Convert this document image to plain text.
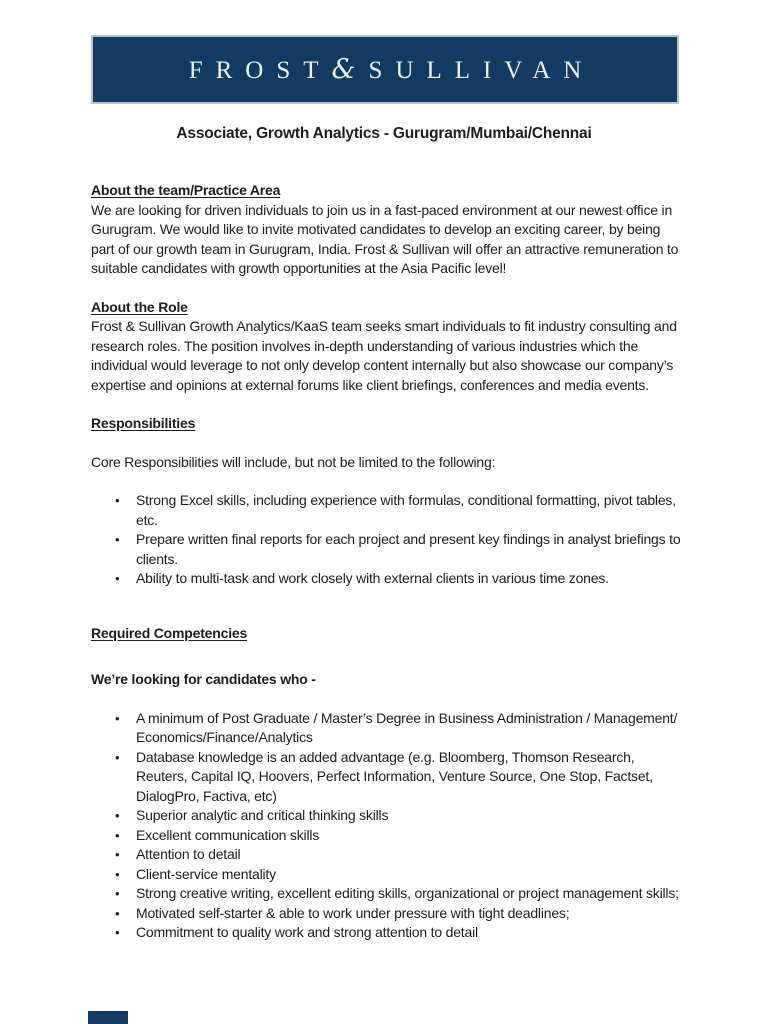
FROST&SULLIVAN
Associate, Growth Analytics - Gurugram/Mumbai/Chennai
About the team/Practice Area

We are looking for driven individuals to join us in a fast-paced environment at our newest office in Gurugram. We would like to invite motivated candidates to develop an exciting career, by being part of our growth team in Gurugram, India. Frost & Sullivan will offer an attractive remuneration to suitable candidates with growth opportunities at the Asia Pacific level!

About the Role

Frost & Sullivan Growth Analytics/KaaS team seeks smart individuals to fit industry consulting and research roles. The position involves in-depth understanding of various industries which the individual would leverage to not only develop content internally but also showcase our company’s expertise and opinions at external forums like client briefings, conferences and media events.

Responsibilities

Core Responsibilities will include, but not be limited to the following:

• Strong Excel skills, including experience with formulas, conditional formatting, pivot tables, etc.
• Prepare written final reports for each project and present key findings in analyst briefings to clients.
• Ability to multi-task and work closely with external clients in various time zones.
Required Competencies

We’re looking for candidates who -

• A minimum of Post Graduate / Master’s Degree in Business Administration / Management/ Economics/Finance/Analytics
• Database knowledge is an added advantage (e.g. Bloomberg, Thomson Research, Reuters, Capital IQ, Hoovers, Perfect Information, Venture Source, One Stop, Factset, DialogPro, Factiva, etc)
• Superior analytic and critical thinking skills
• Excellent communication skills
• Attention to detail
• Client-service mentality
• Strong creative writing, excellent editing skills, organizational or project management skills;
• Motivated self-starter & able to work under pressure with tight deadlines;
• Commitment to quality work and strong attention to detail
